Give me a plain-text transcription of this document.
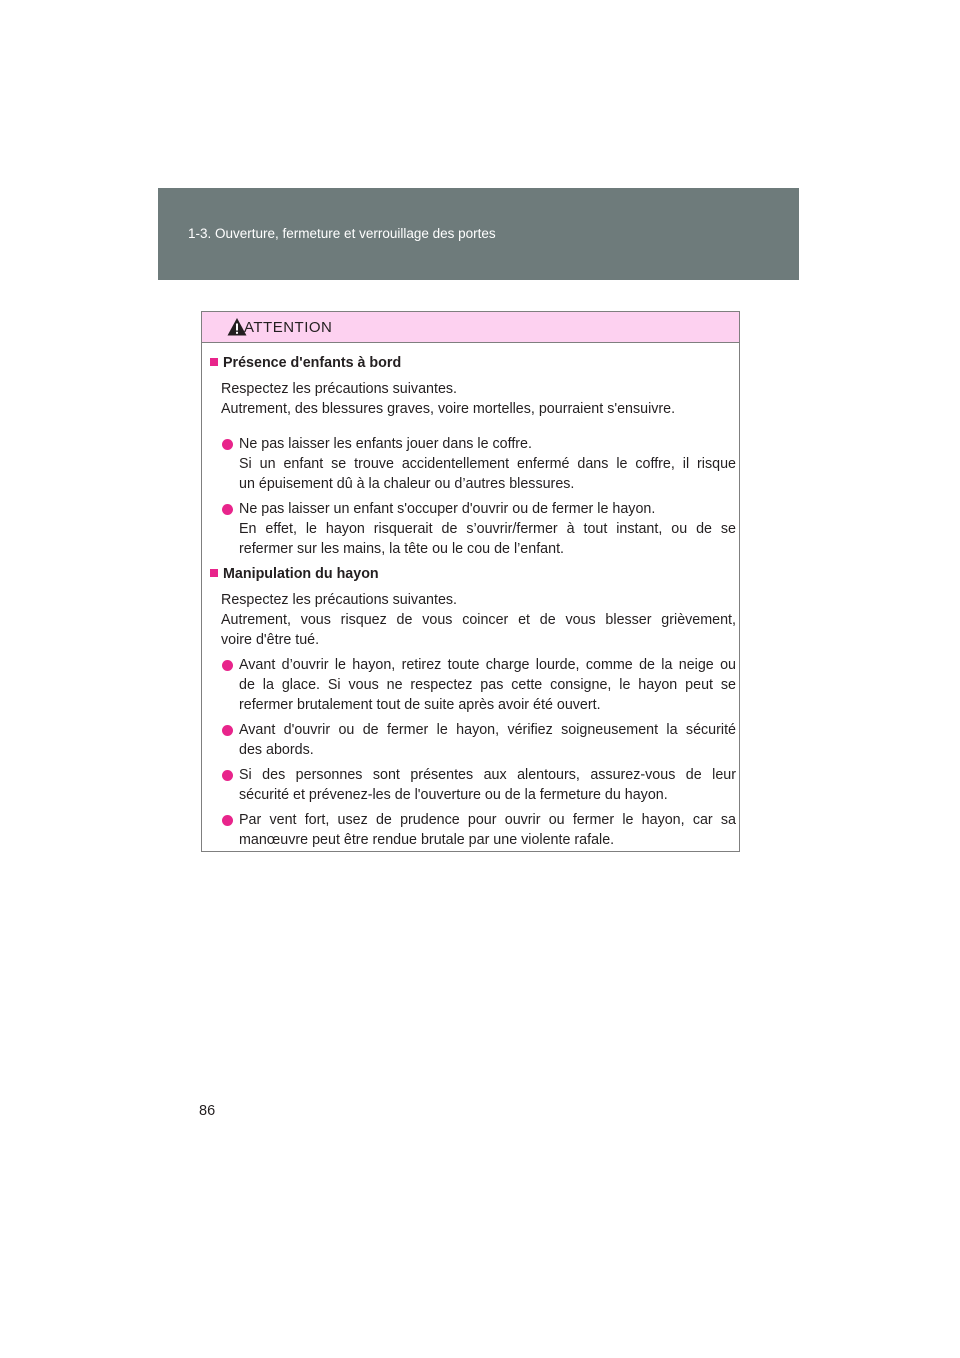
1-3. Ouverture, fermeture et verrouillage des portes
ATTENTION
Présence d'enfants à bord
Respectez les précautions suivantes.
Autrement, des blessures graves, voire mortelles, pourraient s'ensuivre.
Ne pas laisser les enfants jouer dans le coffre.
Si un enfant se trouve accidentellement enfermé dans le coffre, il risque
un épuisement dû à la chaleur ou d’autres blessures.
Ne pas laisser un enfant s'occuper d'ouvrir ou de fermer le hayon.
En effet, le hayon risquerait de s’ouvrir/fermer à tout instant, ou de se
refermer sur les mains, la tête ou le cou de l’enfant.
Manipulation du hayon
Respectez les précautions suivantes.
Autrement, vous risquez de vous coincer et de vous blesser grièvement,
voire d'être tué.
Avant d’ouvrir le hayon, retirez toute charge lourde, comme de la neige ou
de la glace. Si vous ne respectez pas cette consigne, le hayon peut se
refermer brutalement tout de suite après avoir été ouvert.
Avant d'ouvrir ou de fermer le hayon, vérifiez soigneusement la sécurité
des abords.
Si des personnes sont présentes aux alentours, assurez-vous de leur
sécurité et prévenez-les de l'ouverture ou de la fermeture du hayon.
Par vent fort, usez de prudence pour ouvrir ou fermer le hayon, car sa
manœuvre peut être rendue brutale par une violente rafale.
86
